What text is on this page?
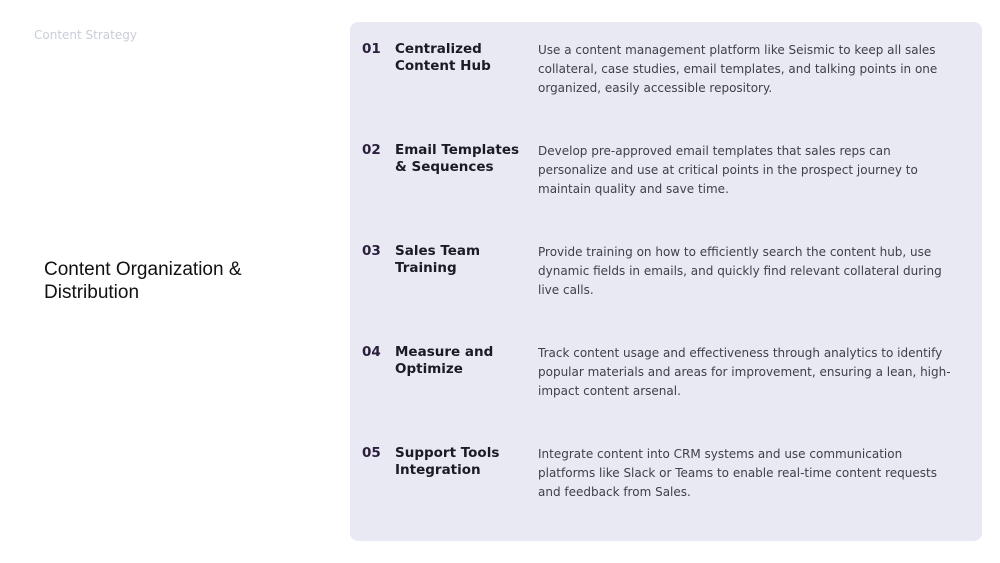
Content Strategy
Content Organization & Distribution
01 Centralized Content Hub
Use a content management platform like Seismic to keep all sales collateral, case studies, email templates, and talking points in one organized, easily accessible repository.
02 Email Templates & Sequences
Develop pre-approved email templates that sales reps can personalize and use at critical points in the prospect journey to maintain quality and save time.
03 Sales Team Training
Provide training on how to efficiently search the content hub, use dynamic fields in emails, and quickly find relevant collateral during live calls.
04 Measure and Optimize
Track content usage and effectiveness through analytics to identify popular materials and areas for improvement, ensuring a lean, high-impact content arsenal.
05 Support Tools Integration
Integrate content into CRM systems and use communication platforms like Slack or Teams to enable real-time content requests and feedback from Sales.
